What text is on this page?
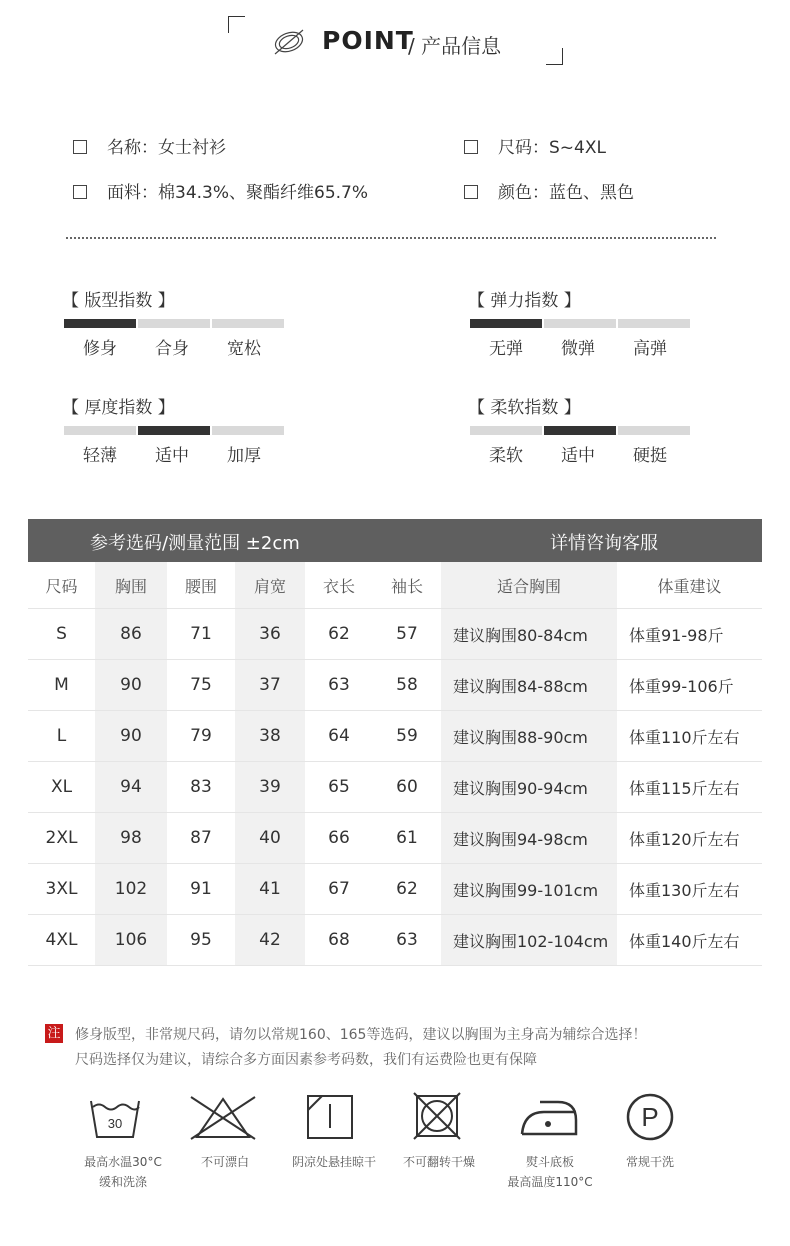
POINT
/ 产品信息
名称：女士衬衫	尺码：S~4XL
面料：棉34.3%、聚酯纤维65.7%	颜色：蓝色、黑色
【 版型指数 】
修身	合身	宽松
【 弹力指数 】
无弹	微弹	高弹
【 厚度指数 】
轻薄	适中	加厚
【 柔软指数 】
柔软	适中	硬挺
参考选码/测量范围 ±2cm	详情咨询客服
尺码	胸围	腰围	肩宽	衣长	袖长	适合胸围	体重建议
S	86	71	36	62	57	建议胸围80-84cm	体重91-98斤
M	90	75	37	63	58	建议胸围84-88cm	体重99-106斤
L	90	79	38	64	59	建议胸围88-90cm	体重110斤左右
XL	94	83	39	65	60	建议胸围90-94cm	体重115斤左右
2XL	98	87	40	66	61	建议胸围94-98cm	体重120斤左右
3XL	102	91	41	67	62	建议胸围99-101cm	体重130斤左右
4XL	106	95	42	68	63	建议胸围102-104cm	体重140斤左右
注 修身版型，非常规尺码，请勿以常规160、165等选码，建议以胸围为主身高为辅综合选择！
尺码选择仅为建议，请综合多方面因素参考码数，我们有运费险也更有保障
30	P
最高水温30°C
缓和洗涤
不可漂白	阴凉处悬挂晾干	不可翻转干燥	熨斗底板
最高温度110°C
常规干洗
